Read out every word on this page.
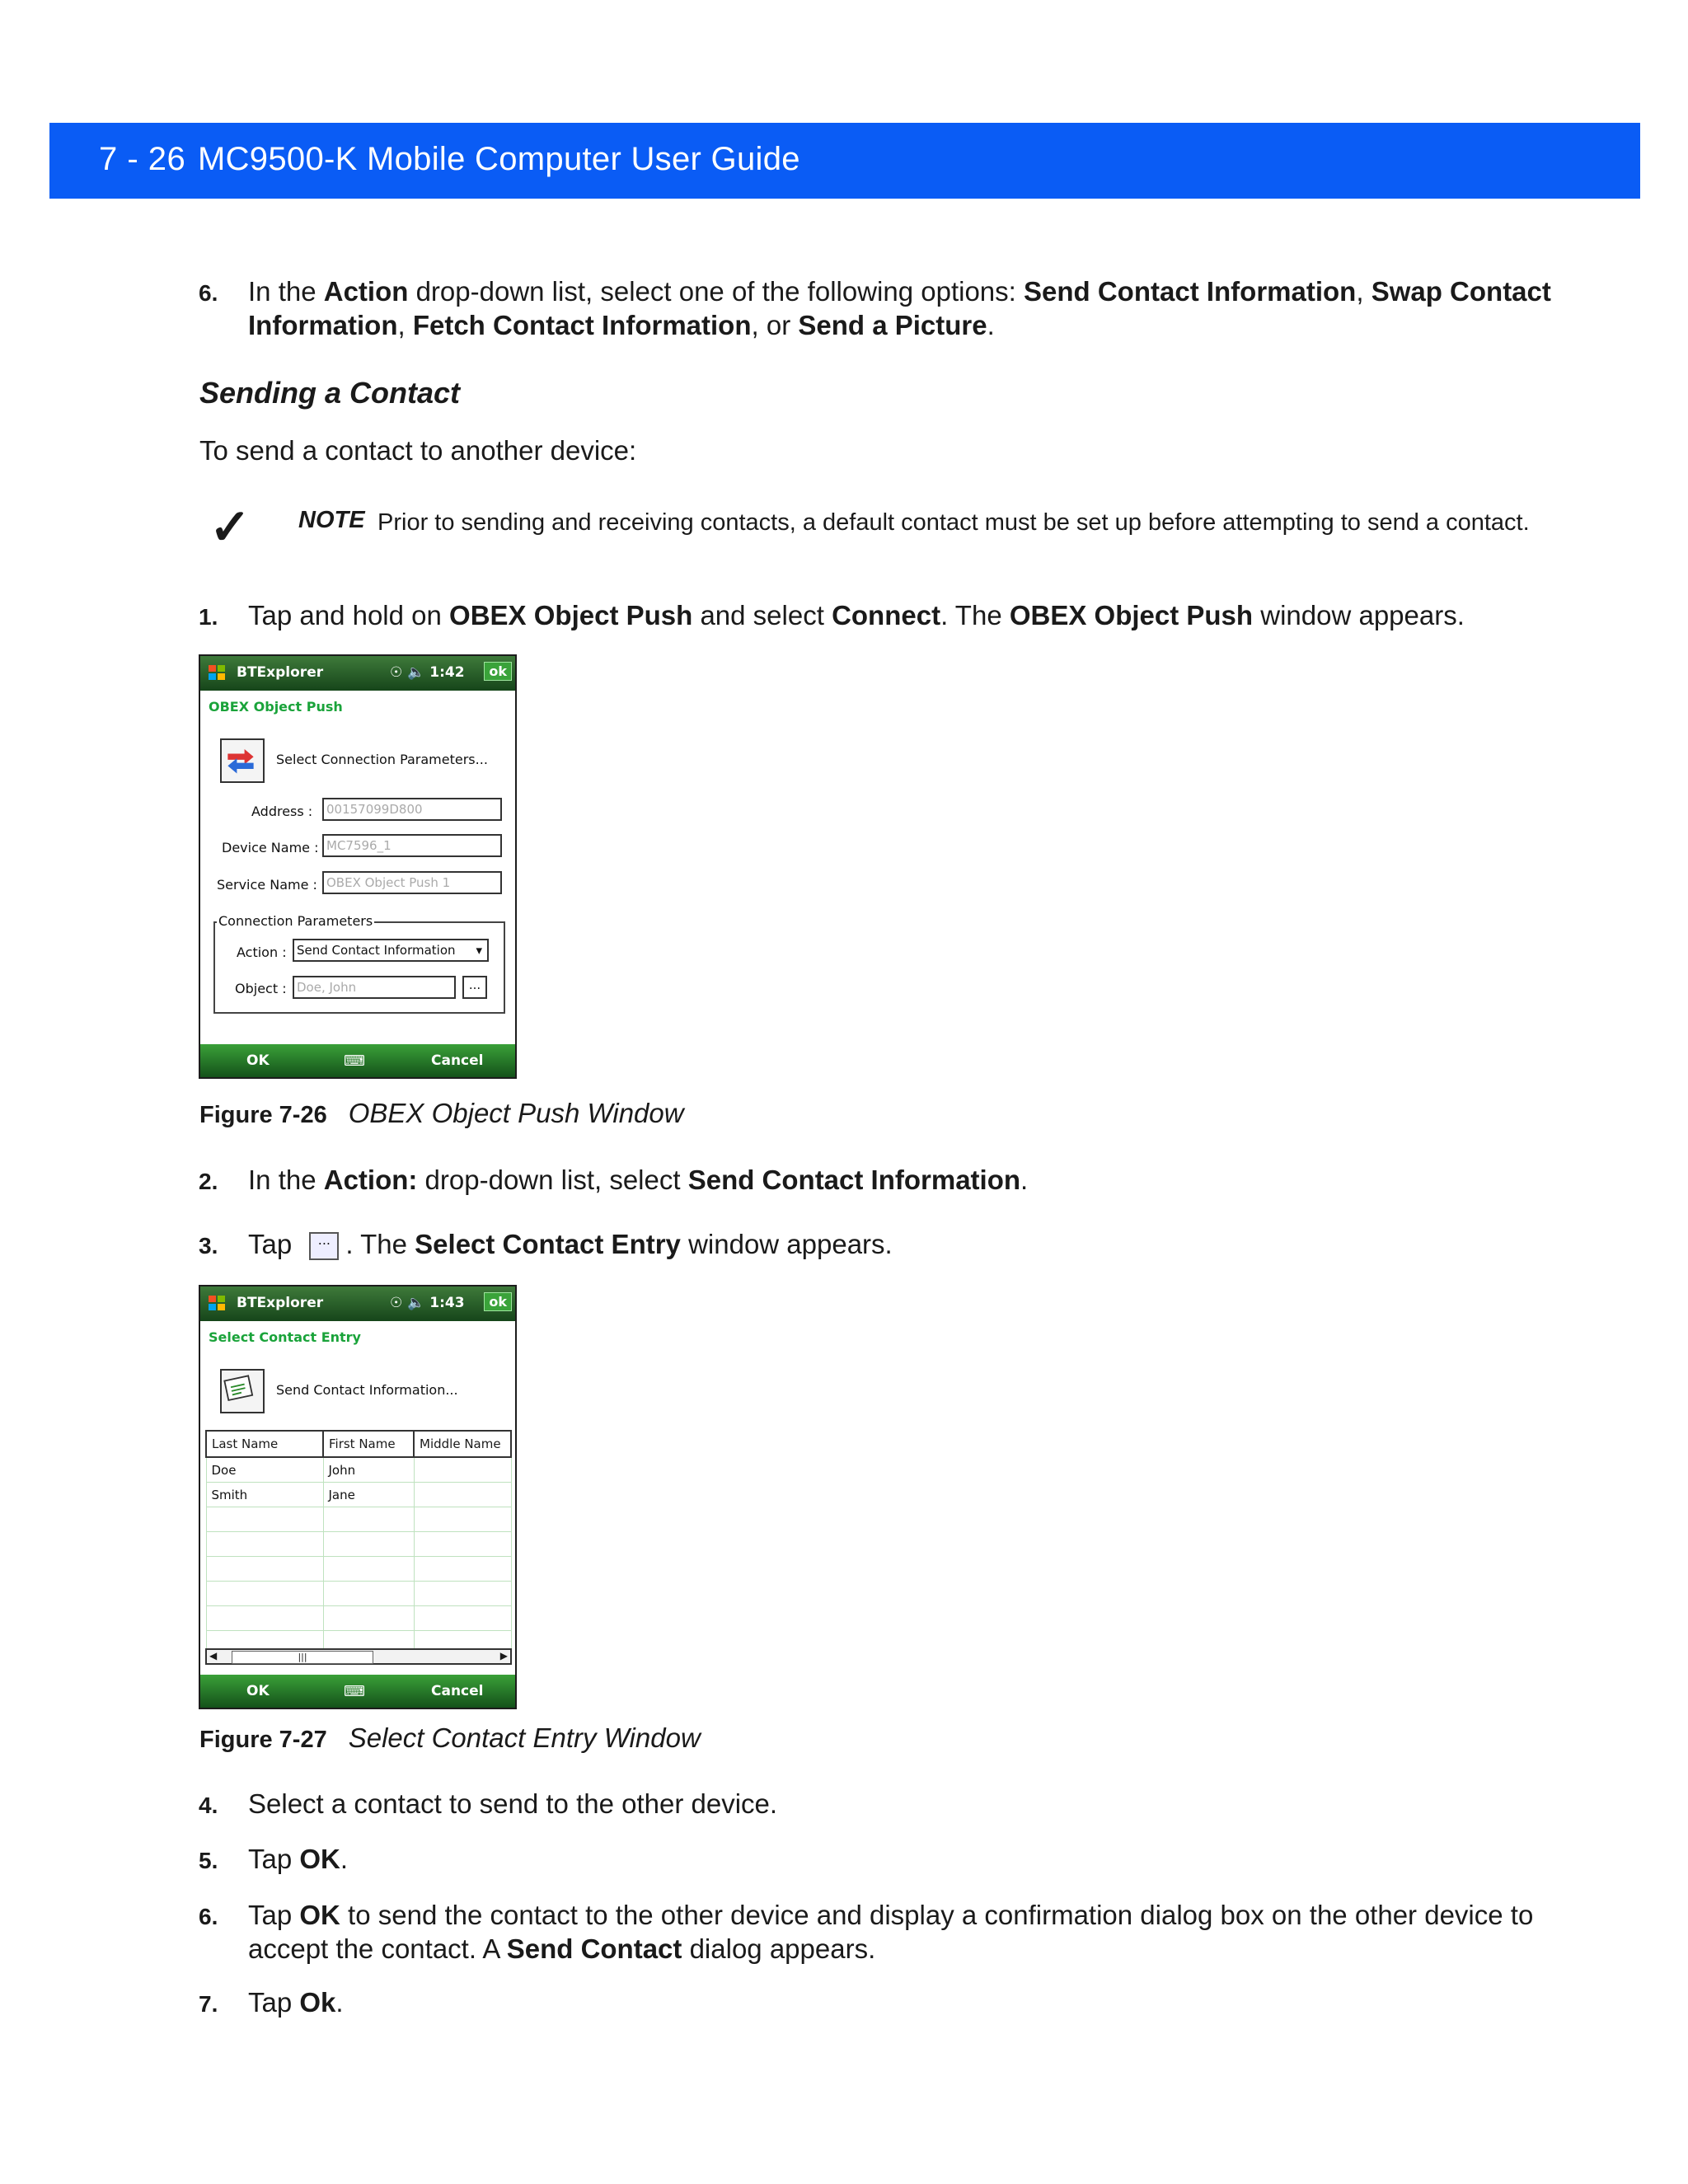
7 - 26 MC9500-K Mobile Computer User Guide
6. In the Action drop-down list, select one of the following options: Send Contact Information, Swap Contact Information, Fetch Contact Information, or Send a Picture.
Sending a Contact
To send a contact to another device:
✓ NOTE Prior to sending and receiving contacts, a default contact must be set up before attempting to send a contact.
1. Tap and hold on OBEX Object Push and select Connect. The OBEX Object Push window appears.
BTExplorer	☉ 🔈 1:42	ok
OBEX Object Push
Select Connection Parameters...
Address :	00157099D800
Device Name : MC7596_1
Service Name : OBEX Object Push 1
Connection Parameters
Action : Send Contact Information ▾
Object : Doe, John	...
OK	⌨	Cancel
Figure 7-26 OBEX Object Push Window
2. In the Action: drop-down list, select Send Contact Information.
3. Tap ... . The Select Contact Entry window appears.
BTExplorer	☉ 🔈 1:43	ok
Select Contact Entry
Send Contact Information...
Last Name	First Name	Middle Name
Doe	John	
Smith	Jane	

◀	|||	▶
OK	⌨	Cancel
Figure 7-27 Select Contact Entry Window
4. Select a contact to send to the other device.
5. Tap OK.
6. Tap OK to send the contact to the other device and display a confirmation dialog box on the other device to accept the contact. A Send Contact dialog appears.
7. Tap Ok.
